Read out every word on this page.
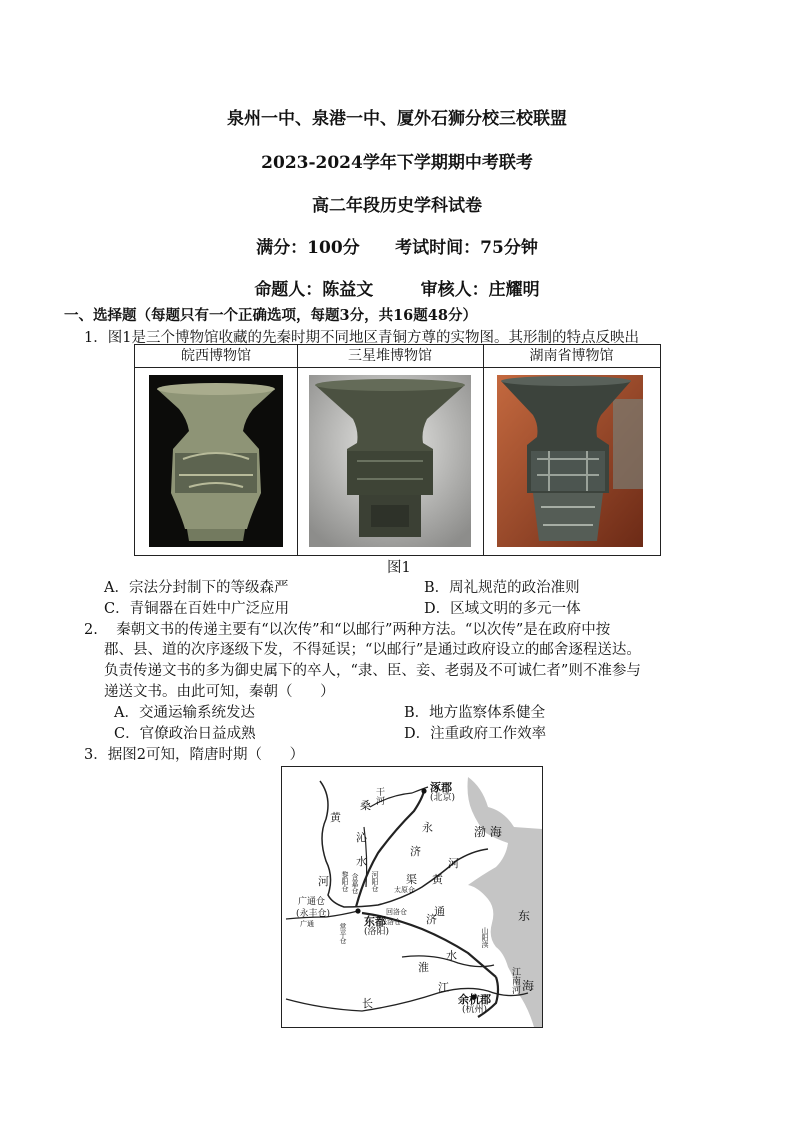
泉州一中、泉港一中、厦外石狮分校三校联盟
2023-2024学年下学期期中考联考
高二年段历史学科试卷
满分：100分      考试时间：75分钟
命题人：陈益文        审核人：庄耀明
一、选择题（每题只有一个正确选项，每题3分，共16题48分）
1．图1是三个博物馆收藏的先秦时期不同地区青铜方尊的实物图。其形制的特点反映出
皖西博物馆	三星堆博物馆	湖南省博物馆
图1
A．宗法分封制下的等级森严	B．周礼规范的政治准则
C．青铜器在百姓中广泛应用	D．区域文明的多元一体
2.    秦朝文书的传递主要有“以次传”和“以邮行”两种方法。“以次传”是在政府中按
郡、县、道的次序逐级下发，不得延误；“以邮行”是通过政府设立的邮舍逐程送达。
负责传递文书的多为御史属下的卒人，“隶、臣、妾、老弱及不可诚仁者”则不准参与
递送文书。由此可知，秦朝（      ）
A．交通运输系统发达	B．地方监察体系健全
C．官僚政治日益成熟	D．注重政府工作效率
3．据图2可知，隋唐时期（      ）
涿郡
(北京)
渤 海
东
海
余杭郡
(杭州)
东都
(洛阳)
广通仓
(永丰仓)
黄
河	黄
河
长
江
淮
水
干河
桑
沁
水
永
济
渠
通
济
山阳渎
江南河
黎阳仓	河阳仓
含嘉仓
回洛仓
兴洛仓
常平仓
广通
太原仓
